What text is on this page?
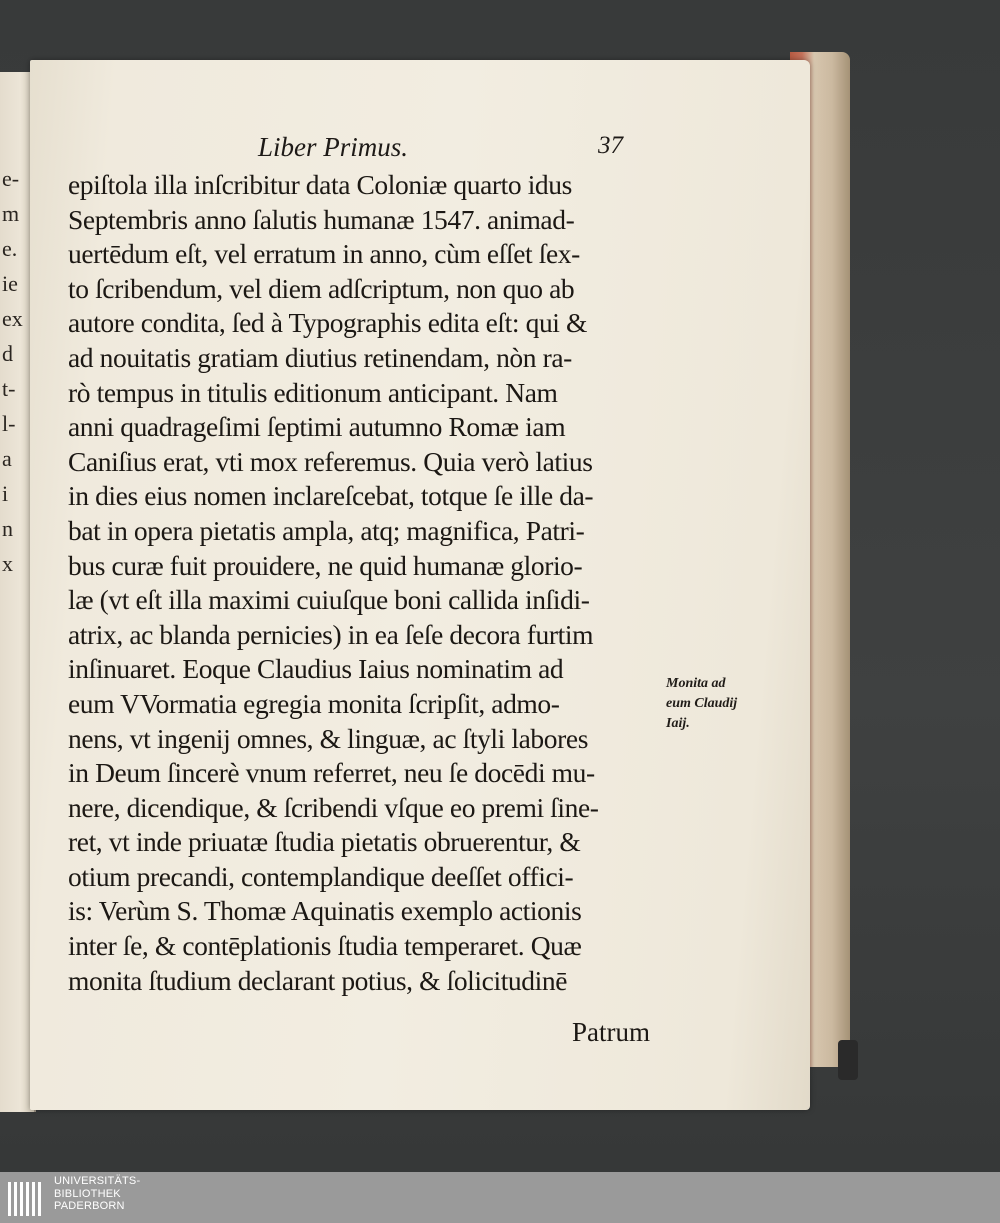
e-
m
e.
ie
ex
d
t-
l-
a
i
n
x

Liber Primus.	37
epiſtola illa inſcribitur data Coloniæ quarto idus
Septembris anno ſalutis humanæ 1547. animad-
uertēdum eſt, vel erratum in anno, cùm eſſet ſex-
to ſcribendum, vel diem adſcriptum, non quo ab
autore condita, ſed à Typographis edita eſt: qui &
ad nouitatis gratiam diutius retinendam, nòn ra-
rò tempus in titulis editionum anticipant. Nam
anni quadrageſimi ſeptimi autumno Romæ iam
Caniſius erat, vti mox referemus. Quia verò latius
in dies eius nomen inclareſcebat, totque ſe ille da-
bat in opera pietatis ampla, atq; magnifica, Patri-
bus curæ fuit prouidere, ne quid humanæ glorio-
læ (vt eſt illa maximi cuiuſque boni callida inſidi-
atrix, ac blanda pernicies) in ea ſeſe decora furtim
inſinuaret. Eoque Claudius Iaius nominatim ad
eum VVormatia egregia monita ſcripſit, admo-
nens, vt ingenij omnes, & linguæ, ac ſtyli labores
in Deum ſincerè vnum referret, neu ſe docēdi mu-
nere, dicendique, & ſcribendi vſque eo premi ſine-
ret, vt inde priuatæ ſtudia pietatis obruerentur, &
otium precandi, contemplandique deeſſet offici-
is: Verùm S. Thomæ Aquinatis exemplo actionis
inter ſe, & contēplationis ſtudia temperaret. Quæ
monita ſtudium declarant potius, & ſolicitudinē
Monita ad
eum Claudij
Iaij.
Patrum
UNIVERSITÄTS-
BIBLIOTHEK
PADERBORN
